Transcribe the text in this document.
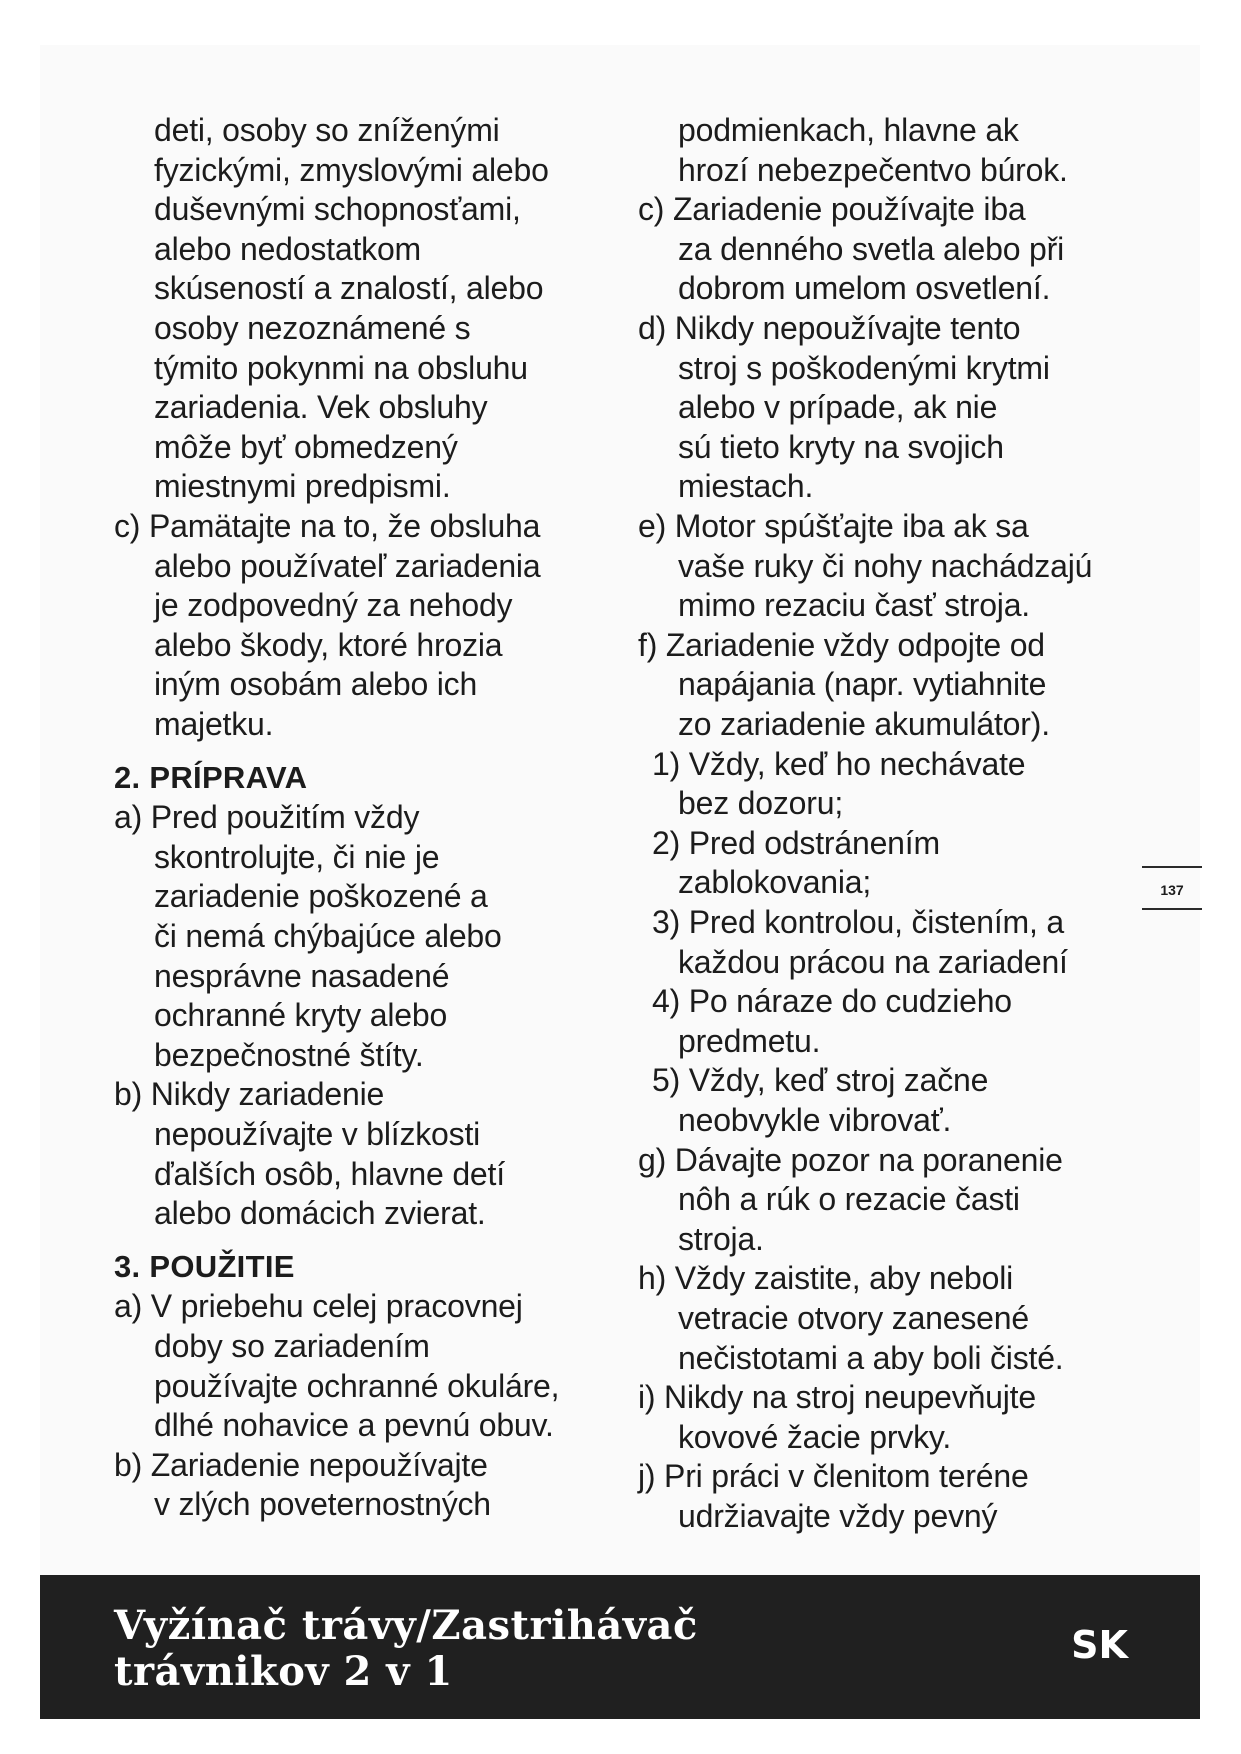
deti, osoby so zníženými
fyzickými, zmyslovými alebo
duševnými schopnosťami,
alebo nedostatkom
skúseností a znalostí, alebo
osoby nezoznámené s
týmito pokynmi na obsluhu
zariadenia. Vek obsluhy
môže byť obmedzený
miestnymi predpismi.
c) Pamätajte na to, že obsluha
alebo používateľ zariadenia
je zodpovedný za nehody
alebo škody, ktoré hrozia
iným osobám alebo ich
majetku.
2. PRÍPRAVA
a) Pred použitím vždy
skontrolujte, či nie je
zariadenie poškozené a
či nemá chýbajúce alebo
nesprávne nasadené
ochranné kryty alebo
bezpečnostné štíty.
b) Nikdy zariadenie
nepoužívajte v blízkosti
ďalších osôb, hlavne detí
alebo domácich zvierat.
3. POUŽITIE
a) V priebehu celej pracovnej
doby so zariadením
používajte ochranné okuláre,
dlhé nohavice a pevnú obuv.
b) Zariadenie nepoužívajte
v zlých poveternostných
podmienkach, hlavne ak
hrozí nebezpečentvo búrok.
c) Zariadenie používajte iba
za denného svetla alebo při
dobrom umelom osvetlení.
d) Nikdy nepoužívajte tento
stroj s poškodenými krytmi
alebo v prípade, ak nie
sú tieto kryty na svojich
miestach.
e) Motor spúšťajte iba ak sa
vaše ruky či nohy nachádzajú
mimo rezaciu časť stroja.
f) Zariadenie vždy odpojte od
napájania (napr. vytiahnite
zo zariadenie akumulátor).
1) Vždy, keď ho nechávate
bez dozoru;
2) Pred odstránením
zablokovania;
3) Pred kontrolou, čistením, a
každou prácou na zariadení
4) Po náraze do cudzieho
predmetu.
5) Vždy, keď stroj začne
neobvykle vibrovať.
g) Dávajte pozor na poranenie
nôh a rúk o rezacie časti
stroja.
h) Vždy zaistite, aby neboli
vetracie otvory zanesené
nečistotami a aby boli čisté.
i) Nikdy na stroj neupevňujte
kovové žacie prvky.
j) Pri práci v členitom teréne
udržiavajte vždy pevný
137
Vyžínač trávy/Zastrihávač
trávnikov 2 v 1
SK
